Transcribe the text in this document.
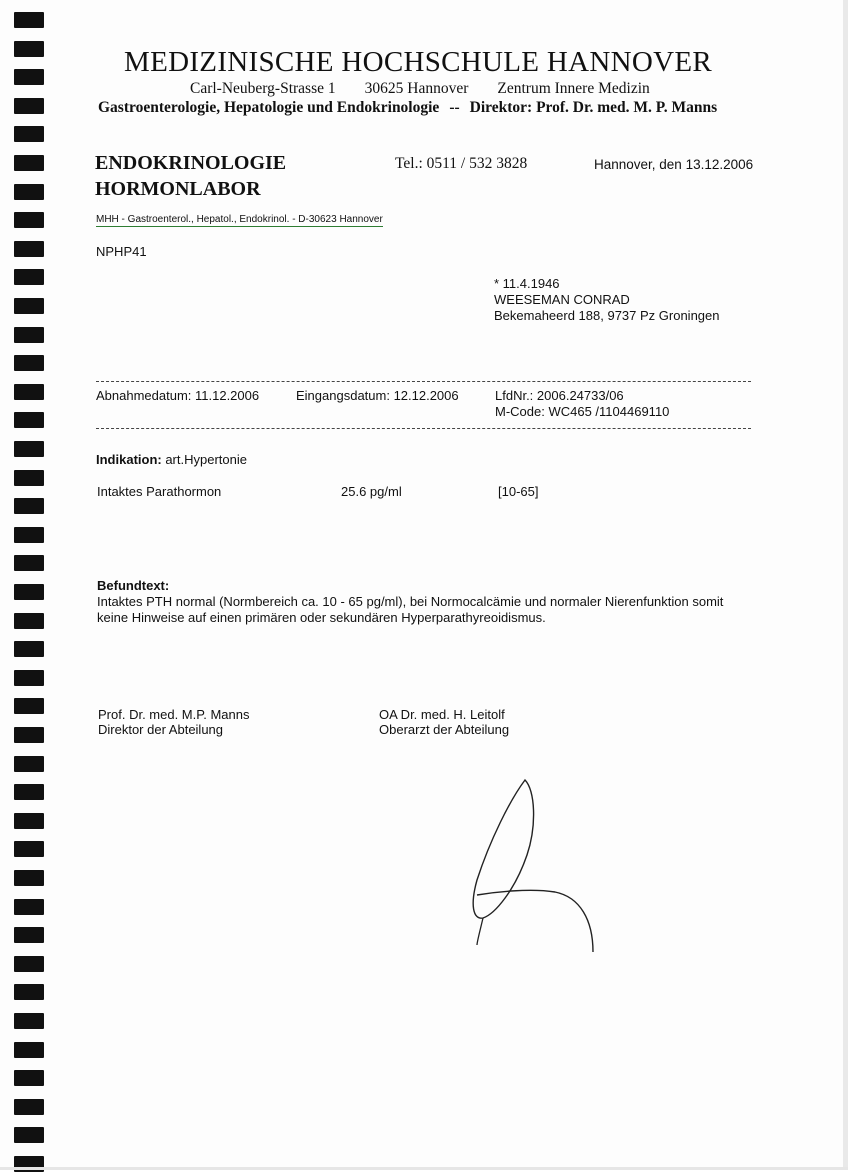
MEDIZINISCHE HOCHSCHULE HANNOVER
Carl-Neuberg-Strasse 1 30625 Hannover Zentrum Innere Medizin
Gastroenterologie, Hepatologie und Endokrinologie -- Direktor: Prof. Dr. med. M. P. Manns
ENDOKRINOLOGIE
HORMONLABOR
Tel.: 0511 / 532 3828	Hannover, den 13.12.2006
MHH - Gastroenterol., Hepatol., Endokrinol. - D-30623 Hannover
NPHP41
* 11.4.1946
WEESEMAN CONRAD
Bekemaheerd 188, 9737 Pz Groningen
Abnahmedatum: 11.12.2006	Eingangsdatum: 12.12.2006	LfdNr.: 2006.24733/06
M-Code: WC465 /1104469110
Indikation: art.Hypertonie
Intaktes Parathormon	25.6 pg/ml	[10-65]
Befundtext:
Intaktes PTH normal (Normbereich ca. 10 - 65 pg/ml), bei Normocalcämie und normaler Nierenfunktion somit
keine Hinweise auf einen primären oder sekundären Hyperparathyreoidismus.
Prof. Dr. med. M.P. Manns
Direktor der Abteilung
OA Dr. med. H. Leitolf
Oberarzt der Abteilung
